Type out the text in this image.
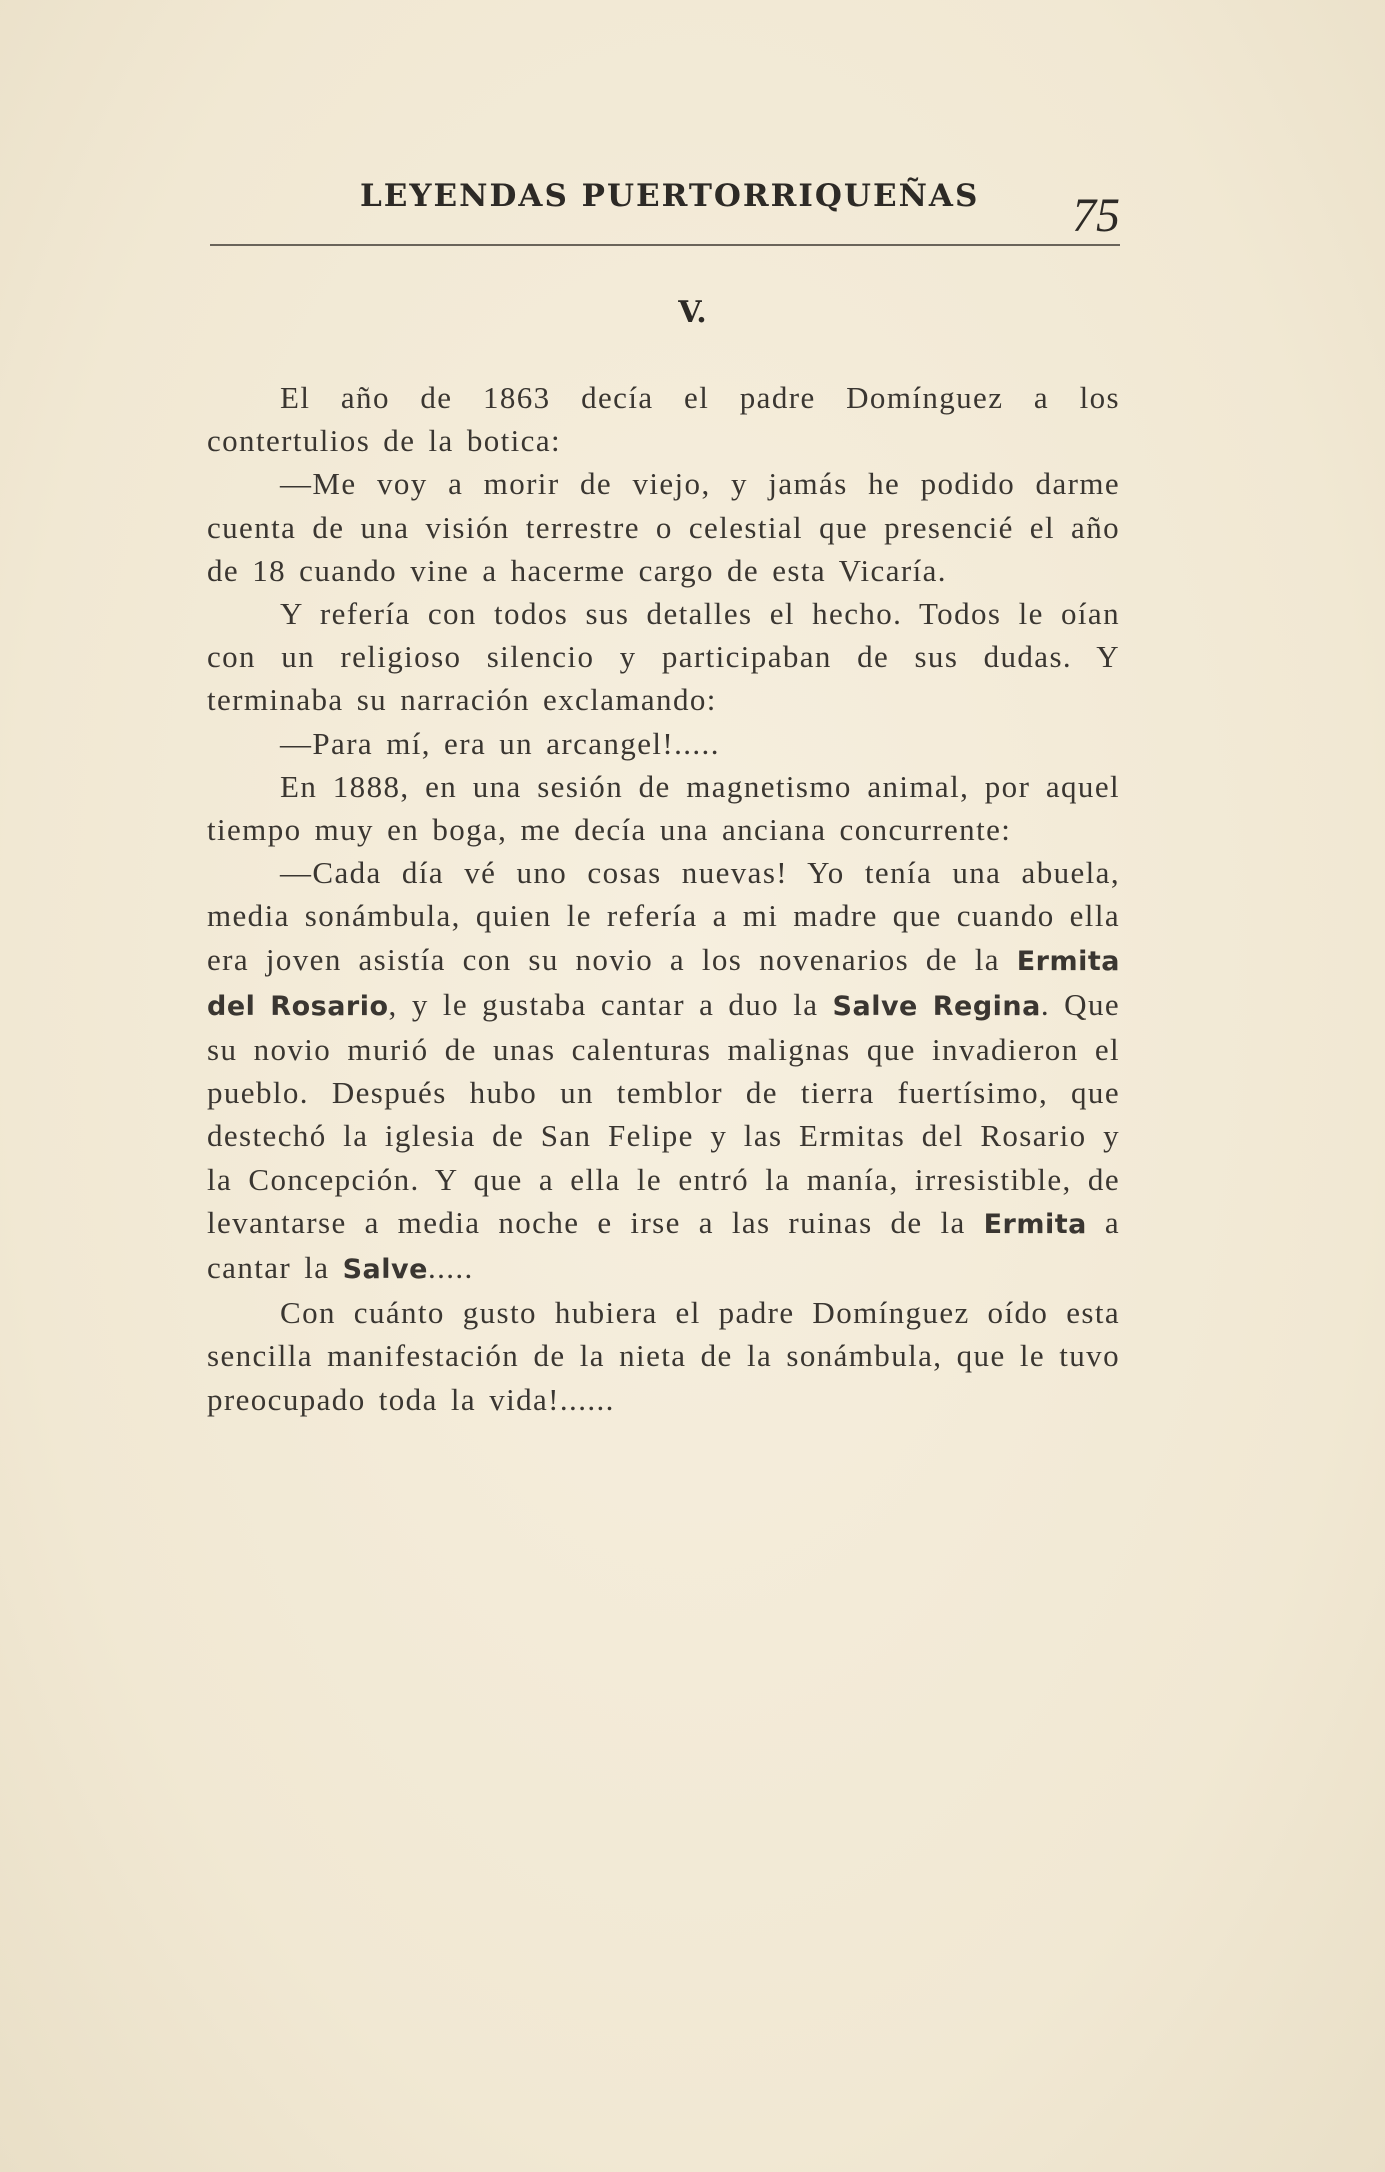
LEYENDAS PUERTORRIQUEÑAS 75
V.

El año de 1863 decía el padre Domínguez a los contertulios de la botica:

—Me voy a morir de viejo, y jamás he podido darme cuenta de una visión terrestre o celestial que presencié el año de 18 cuando vine a hacerme cargo de esta Vicaría.

Y refería con todos sus detalles el hecho. Todos le oían con un religioso silencio y participaban de sus dudas. Y terminaba su narración exclamando:

—Para mí, era un arcangel!.....

En 1888, en una sesión de magnetismo animal, por aquel tiempo muy en boga, me decía una anciana concurrente:

—Cada día vé uno cosas nuevas! Yo tenía una abuela, media sonámbula, quien le refería a mi madre que cuando ella era joven asistía con su novio a los novenarios de la Ermita del Rosario, y le gustaba cantar a duo la Salve Regina. Que su novio murió de unas calenturas malignas que invadieron el pueblo. Después hubo un temblor de tierra fuertísimo, que destechó la iglesia de San Felipe y las Ermitas del Rosario y la Concepción. Y que a ella le entró la manía, irresistible, de levantarse a media noche e irse a las ruinas de la Ermita a cantar la Salve.....

Con cuánto gusto hubiera el padre Domínguez oído esta sencilla manifestación de la nieta de la sonámbula, que le tuvo preocupado toda la vida!......
